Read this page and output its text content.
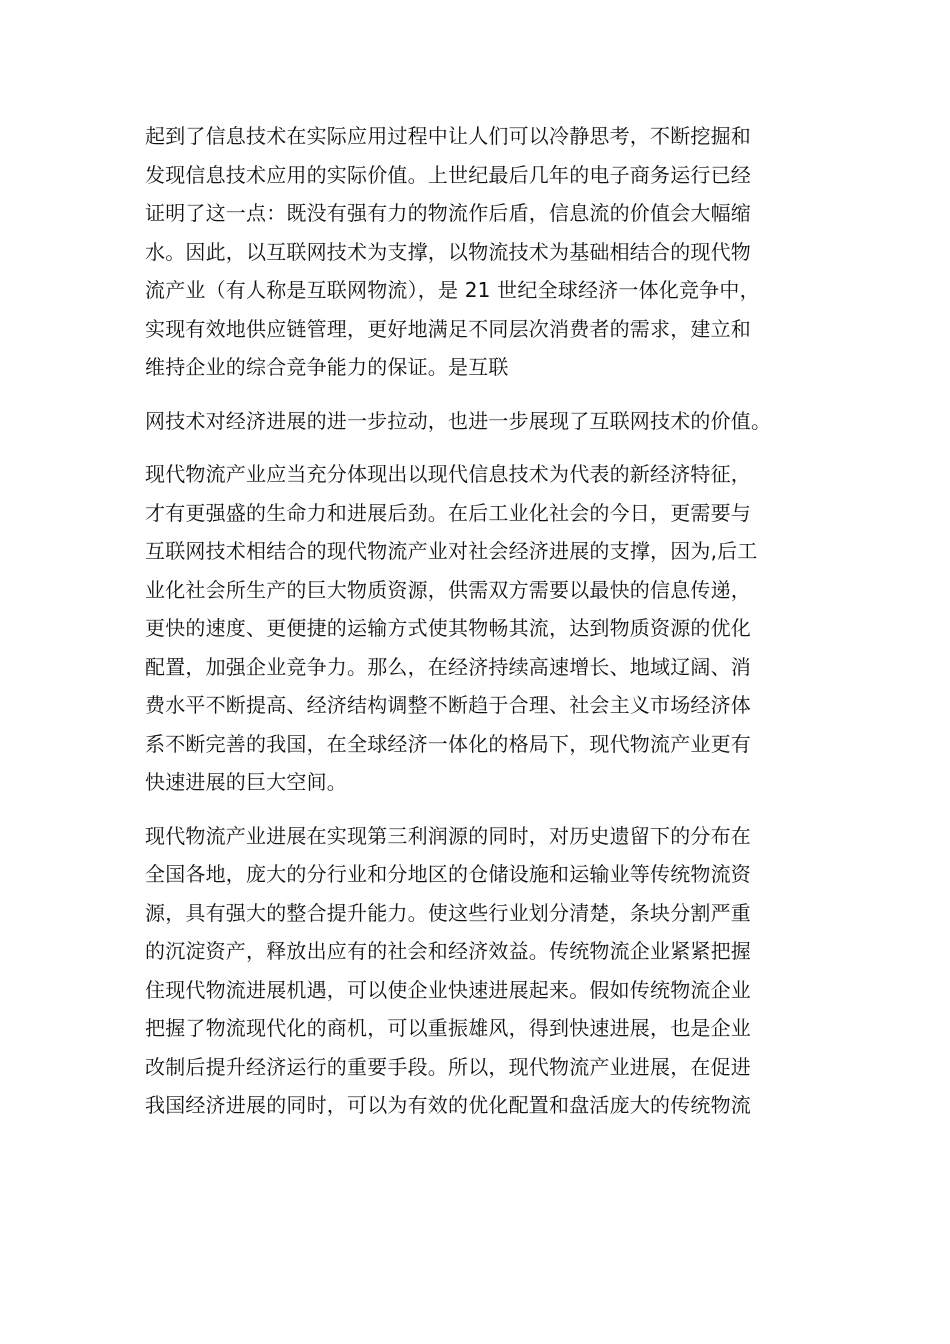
起到了信息技术在实际应用过程中让人们可以冷静思考，不断挖掘和
发现信息技术应用的实际价值。上世纪最后几年的电子商务运行已经
证明了这一点：既没有强有力的物流作后盾，信息流的价值会大幅缩
水。因此，以互联网技术为支撑，以物流技术为基础相结合的现代物
流产业（有人称是互联网物流），是 21 世纪全球经济一体化竞争中，
实现有效地供应链管理，更好地满足不同层次消费者的需求，建立和
维持企业的综合竞争能力的保证。是互联

网技术对经济进展的进一步拉动，也进一步展现了互联网技术的价值。

现代物流产业应当充分体现出以现代信息技术为代表的新经济特征，
才有更强盛的生命力和进展后劲。在后工业化社会的今日，更需要与
互联网技术相结合的现代物流产业对社会经济进展的支撑，因为,后工
业化社会所生产的巨大物质资源，供需双方需要以最快的信息传递，
更快的速度、更便捷的运输方式使其物畅其流，达到物质资源的优化
配置，加强企业竞争力。那么，在经济持续高速增长、地域辽阔、消
费水平不断提高、经济结构调整不断趋于合理、社会主义市场经济体
系不断完善的我国，在全球经济一体化的格局下，现代物流产业更有
快速进展的巨大空间。

现代物流产业进展在实现第三利润源的同时，对历史遗留下的分布在
全国各地，庞大的分行业和分地区的仓储设施和运输业等传统物流资
源，具有强大的整合提升能力。使这些行业划分清楚，条块分割严重
的沉淀资产，释放出应有的社会和经济效益。传统物流企业紧紧把握
住现代物流进展机遇，可以使企业快速进展起来。假如传统物流企业
把握了物流现代化的商机，可以重振雄风，得到快速进展，也是企业
改制后提升经济运行的重要手段。所以，现代物流产业进展，在促进
我国经济进展的同时，可以为有效的优化配置和盘活庞大的传统物流
